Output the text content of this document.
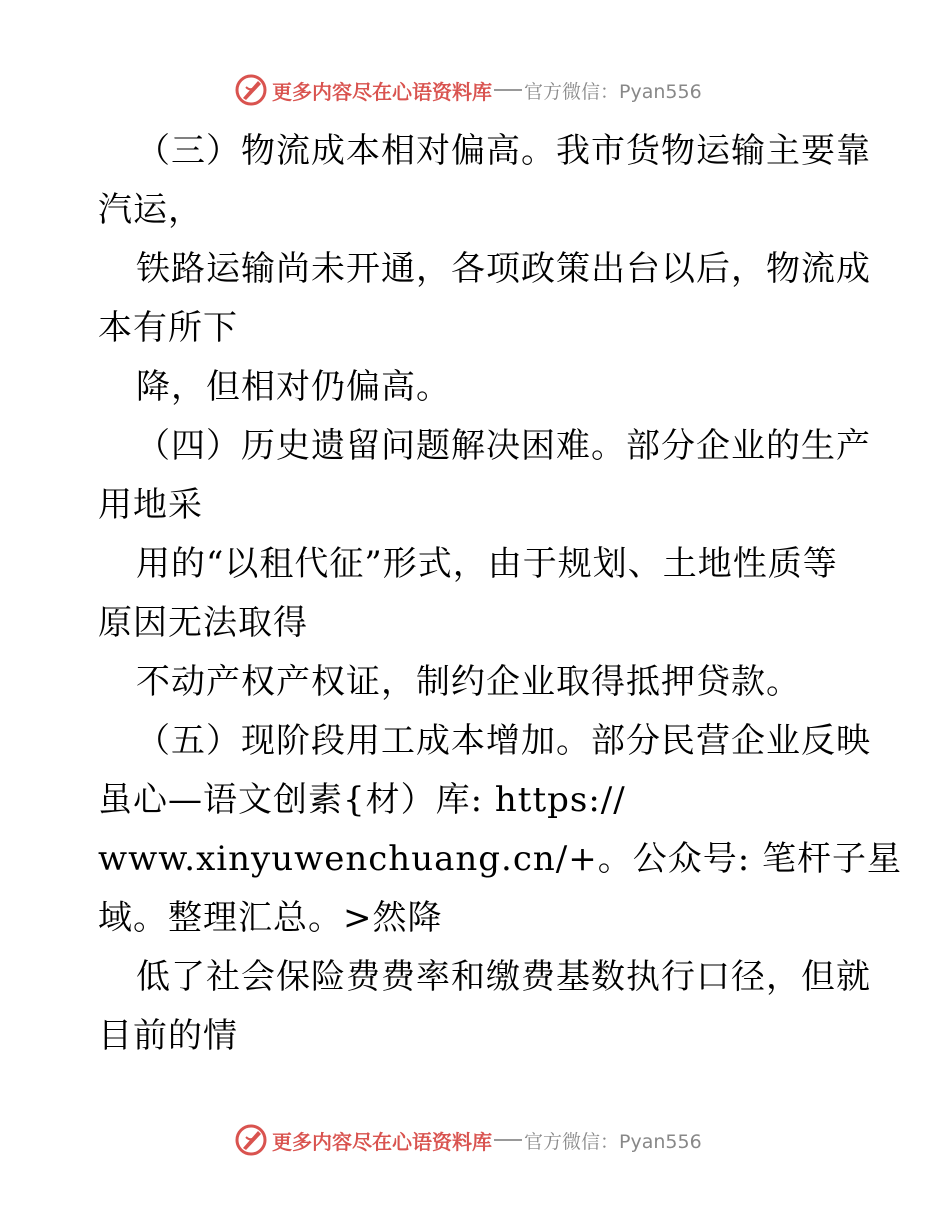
更多内容尽在心语资料库 官方微信：Pyan556
（三）物流成本相对偏高。我市货物运输主要靠
汽运，
铁路运输尚未开通，各项政策出台以后，物流成
本有所下
降，但相对仍偏高。
（四）历史遗留问题解决困难。部分企业的生产
用地采
用的“以租代征”形式，由于规划、土地性质等
原因无法取得
不动产权产权证，制约企业取得抵押贷款。
（五）现阶段用工成本增加。部分民营企业反映
虽心—语文创素{材）库: https://
www.xinyuwenchuang.cn/+。公众号: 笔杆子星
域。整理汇总。>然降
低了社会保险费费率和缴费基数执行口径，但就
目前的情
更多内容尽在心语资料库 官方微信：Pyan556
